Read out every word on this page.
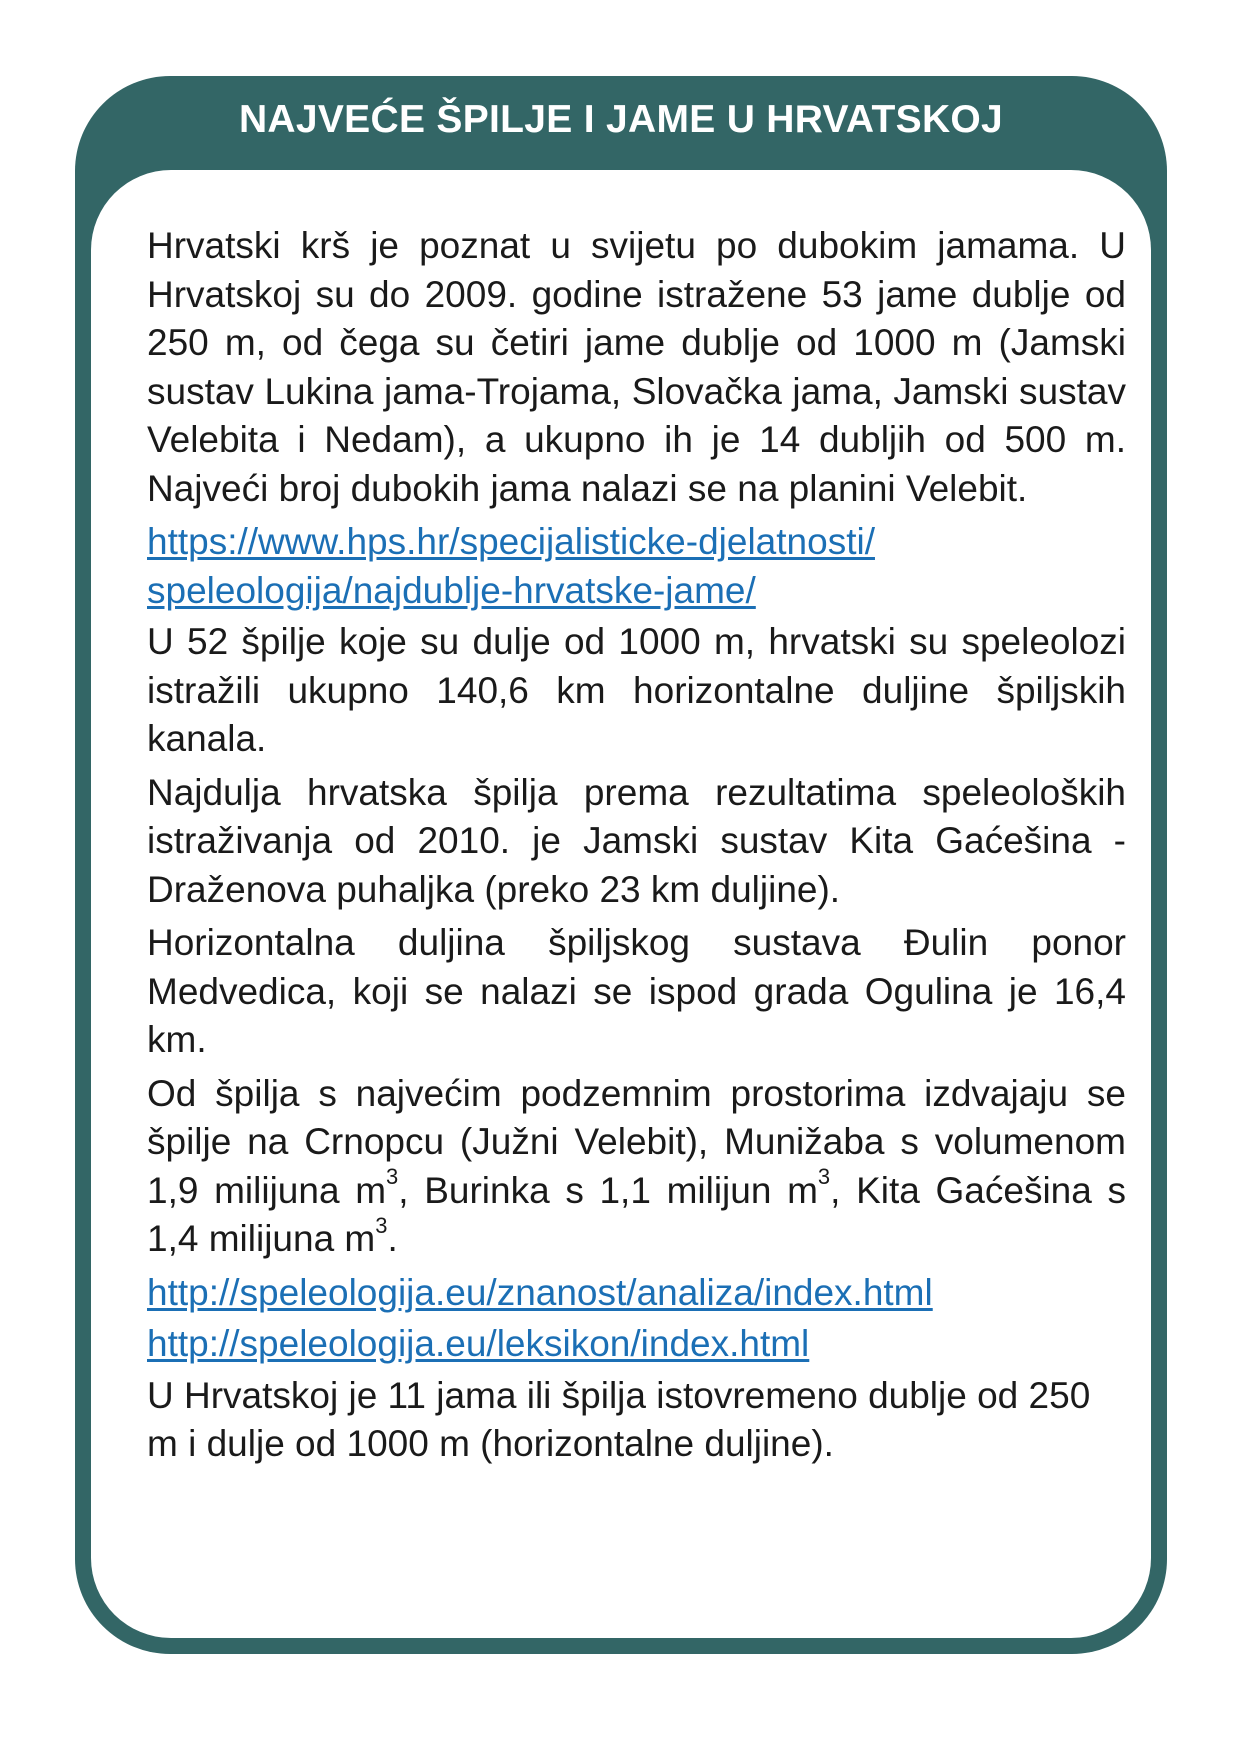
NAJVEĆE ŠPILJE I JAME U HRVATSKOJ

Hrvatski krš je poznat u svijetu po dubokim jamama. U Hrvatskoj su do 2009. godine istražene 53 jame dublje od 250 m, od čega su četiri jame dublje od 1000 m (Jamski sustav Lukina jama-Trojama, Slovačka jama, Jamski sustav Velebita i Nedam), a ukupno ih je 14 dubljih od 500 m. Najveći broj dubokih jama nalazi se na planini Velebit.

https://www.hps.hr/specijalisticke-djelatnosti/
speleologija/najdublje-hrvatske-jame/

U 52 špilje koje su dulje od 1000 m, hrvatski su speleolozi istražili ukupno 140,6 km horizontalne duljine špiljskih kanala.

Najdulja hrvatska špilja prema rezultatima speleoloških istraživanja od 2010. je Jamski sustav Kita Gaćešina - Draženova puhaljka (preko 23 km duljine).

Horizontalna duljina špiljskog sustava Đulin ponor Medvedica, koji se nalazi se ispod grada Ogulina je 16,4 km.

Od špilja s najvećim podzemnim prostorima izdvajaju se špilje na Crnopcu (Južni Velebit), Munižaba s volumenom 1,9 milijuna $m^3$, Burinka s 1,1 milijun $m^3$, Kita Gaćešina s 1,4 milijuna $m^3$.

http://speleologija.eu/znanost/analiza/index.html
http://speleologija.eu/leksikon/index.html

U Hrvatskoj je 11 jama ili špilja istovremeno dublje od 250 m i dulje od 1000 m (horizontalne duljine).
